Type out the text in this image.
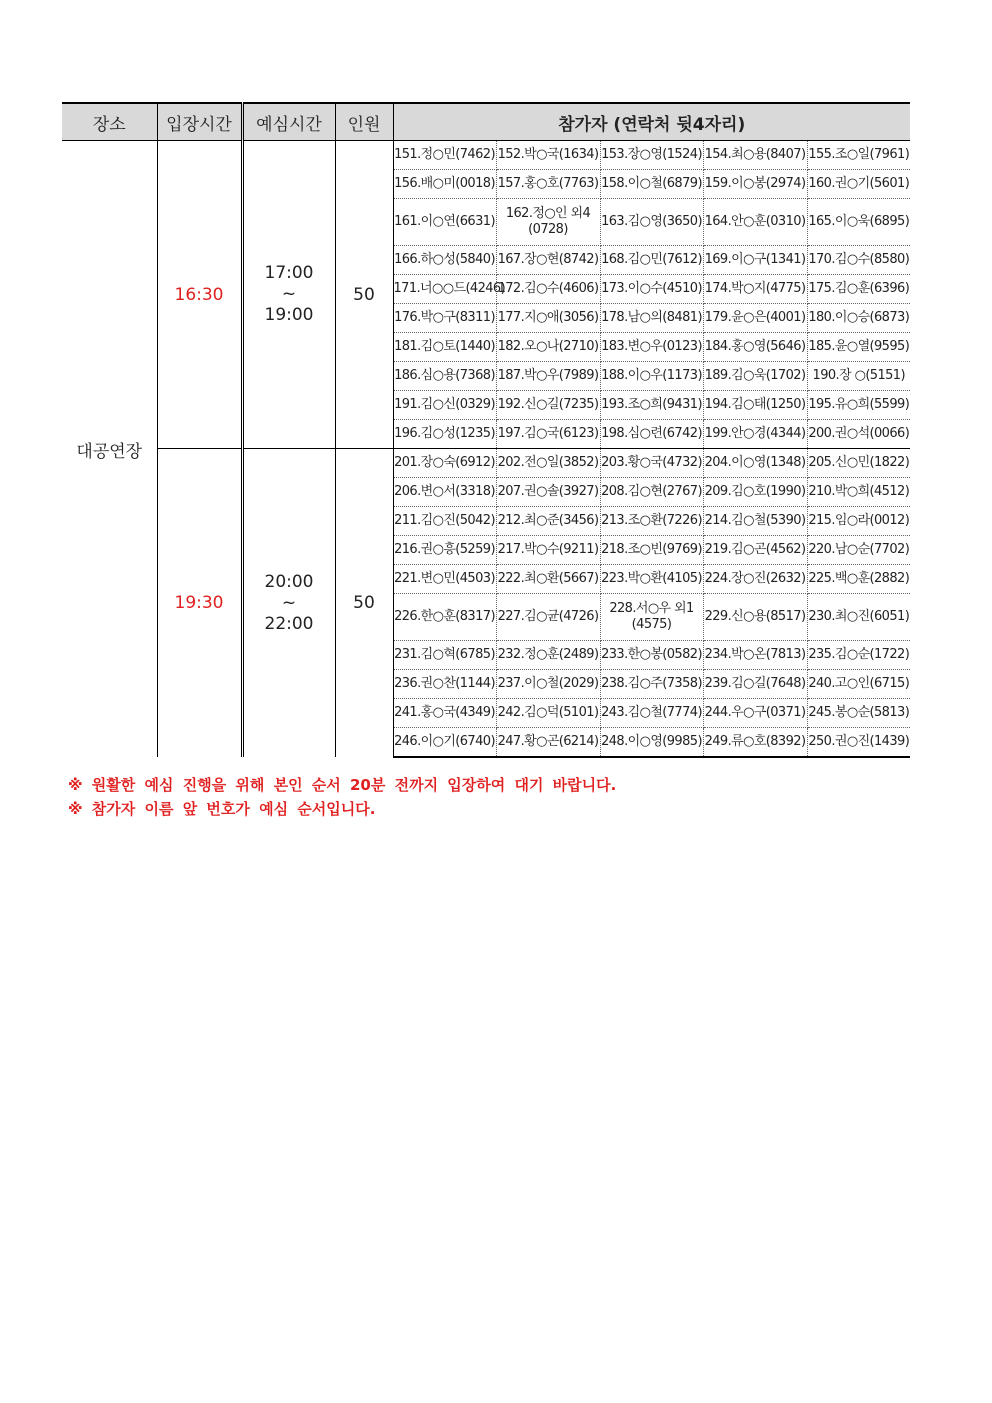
장소	입장시간	예심시간	인원	참가자 (연락처 뒷4자리)				
대공연장	16:30	17:00
~
19:00	50	151.정○민(7462)	152.박○국(1634)	153.장○영(1524)	154.최○용(8407)	155.조○일(7961)
				156.배○미(0018)	157.홍○호(7763)	158.이○철(6879)	159.이○봉(2974)	160.권○기(5601)
				161.이○연(6631)	162.정○인 외4 (0728)	163.김○영(3650)	164.안○훈(0310)	165.이○욱(6895)
				166.하○성(5840)	167.장○현(8742)	168.김○민(7612)	169.이○구(1341)	170.김○수(8580)
				171.너○○드(4246)	172.김○수(4606)	173.이○수(4510)	174.박○지(4775)	175.김○훈(6396)
				176.박○구(8311)	177.지○애(3056)	178.남○의(8481)	179.윤○은(4001)	180.이○승(6873)
				181.김○토(1440)	182.오○나(2710)	183.변○우(0123)	184.홍○영(5646)	185.윤○열(9595)
				186.심○용(7368)	187.박○우(7989)	188.이○우(1173)	189.김○욱(1702)	190.장 ○(5151)
				191.김○신(0329)	192.신○길(7235)	193.조○희(9431)	194.김○태(1250)	195.유○희(5599)
				196.김○성(1235)	197.김○국(6123)	198.심○련(6742)	199.안○경(4344)	200.권○석(0066)
	19:30	20:00
~
22:00	50	201.장○숙(6912)	202.전○일(3852)	203.황○국(4732)	204.이○영(1348)	205.신○민(1822)
				206.변○서(3318)	207.권○솔(3927)	208.김○현(2767)	209.김○호(1990)	210.박○희(4512)
				211.김○진(5042)	212.최○준(3456)	213.조○환(7226)	214.김○철(5390)	215.임○라(0012)
				216.권○흥(5259)	217.박○수(9211)	218.조○빈(9769)	219.김○곤(4562)	220.남○순(7702)
				221.변○민(4503)	222.최○환(5667)	223.박○환(4105)	224.장○진(2632)	225.백○훈(2882)
				226.한○훈(8317)	227.김○균(4726)	228.서○우 외1 (4575)	229.신○용(8517)	230.최○진(6051)
				231.김○혁(6785)	232.정○훈(2489)	233.한○봉(0582)	234.박○온(7813)	235.김○순(1722)
				236.권○찬(1144)	237.이○철(2029)	238.김○주(7358)	239.김○길(7648)	240.고○인(6715)
				241.홍○국(4349)	242.김○덕(5101)	243.김○철(7774)	244.우○구(0371)	245.봉○순(5813)
				246.이○기(6740)	247.황○곤(6214)	248.이○영(9985)	249.류○호(8392)	250.권○진(1439)
※ 원활한 예심 진행을 위해 본인 순서 20분 전까지 입장하여 대기 바랍니다.
※ 참가자 이름 앞 번호가 예심 순서입니다.
